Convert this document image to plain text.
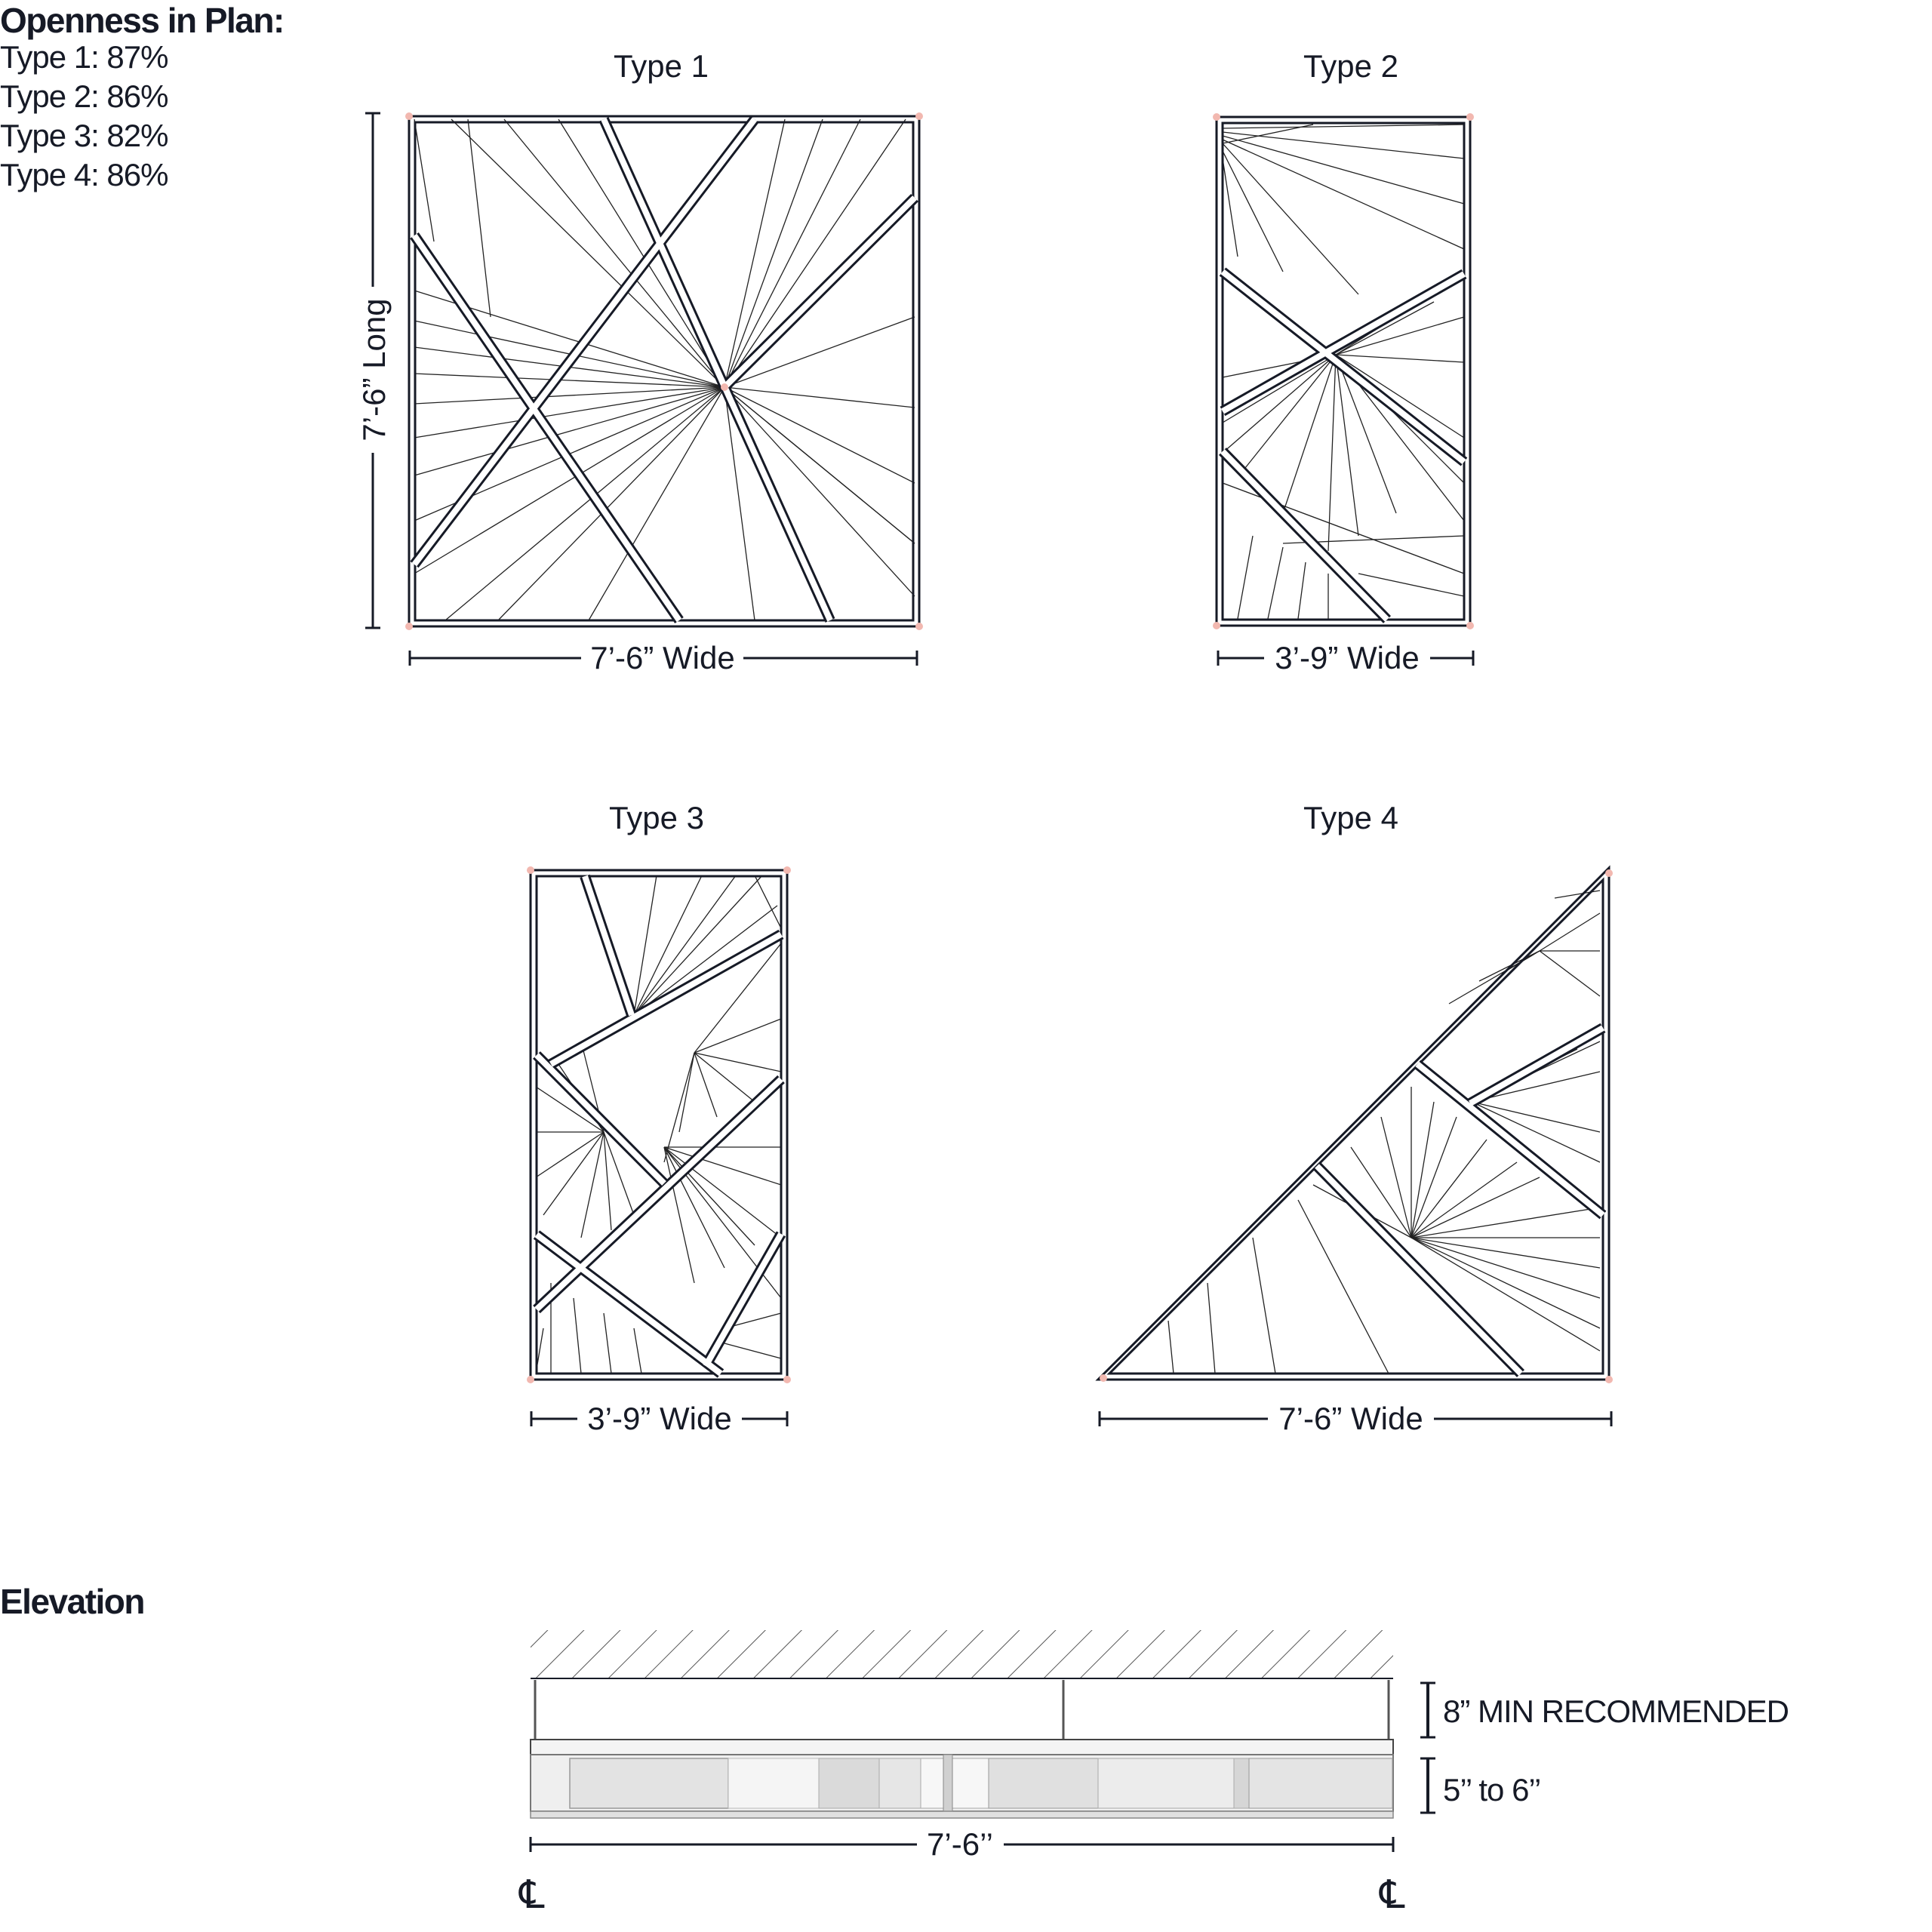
Openness in Plan:
Type 1: 87%
Type 2: 86%
Type 3: 82%
Type 4: 86%
Elevation
Type 1
7’-6” Long
7’-6” Wide
Type 2
3’-9” Wide
Type 3
3’-9” Wide
Type 4
7’-6” Wide
8” MIN RECOMMENDED
5’’ to 6’’
7’-6’’
℄	℄
